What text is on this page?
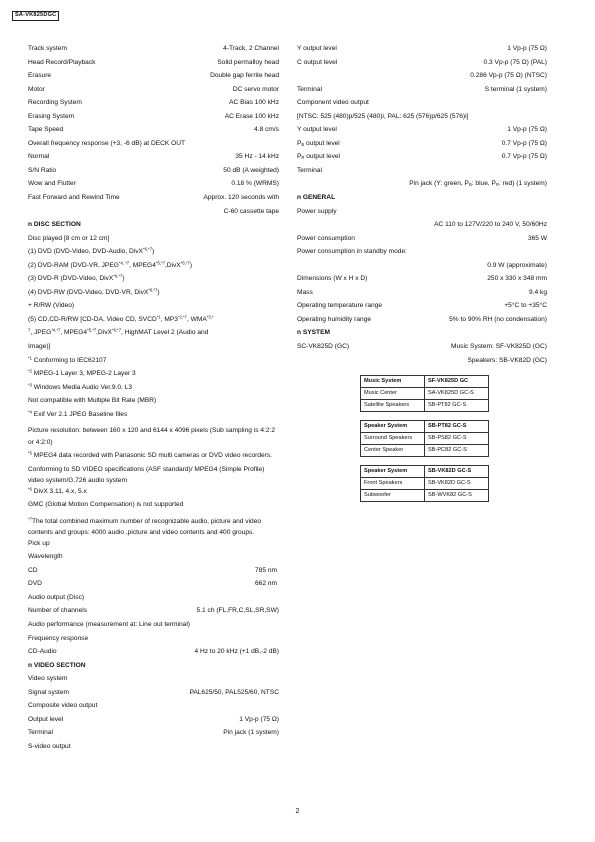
SA-VK825DGC
Track system	4-Track, 2 Channel
Head Record/Playback	Solid permalloy head
Erasure	Double gap ferrite head
Motor	DC servo motor
Recording System	AC Bias 100 kHz
Erasing System	AC Erase 100 kHz
Tape Speed	4.8 cm/s
Overall frequency response (+3, -6 dB) at DECK OUT
Normal	35 Hz - 14 kHz
S/N Ratio	50 dB (A weighted)
Wow and Flutter	0.18 % (WRMS)
Fast Forward and Rewind Time	Approx. 120 seconds with
C-60 cassette tape
n DISC SECTION
Disc played [8 cm or 12 cm]
(1) DVD (DVD-Video, DVD-Audio, DivX$^{*6,*7}$)
(2) DVD-RAM (DVD-VR, $JPEG^{*4, *7}$, $MPEG4^{*5,*7},DivX^{*6,*7}$)
(3) DVD-R (DVD-Video, DivX$^{*6,*7}$)
(4) DVD-RW (DVD-Video, DVD-VR, DivX$^{*6,*7}$)
+ R/RW (Video)
(5) CD,CD-R/RW [CD-DA, Video CD, SVCD$^{*1}$, $MP3^{*2,*7}$, $WMA^{*3,*}$
$^7$, $JPEG^{*4,*7}$, $MPEG4^{*5,*7},DivX^{*6,*7}$, HighMAT Level 2 (Audio and
Image)]
$^{*1}$ Conforming to IEC62107
$^{*2}$ MPEG-1 Layer 3, MPEG-2 Layer 3
$^{*3}$ Windows Media Audio Ver.9.0. L3
Not compatible with Multiple Bit Rate (MBR)
$^{*4}$ Exif Ver 2.1 JPEG Baseline files
Picture resolution: between 160 x 120 and 6144 x 4096 pixels (Sub sampling is 4:2:2 or 4:2:0)
$^{*5}$ MPEG4 data recorded with Panasonic SD multi cameras or DVD video recorders.
Conforming to SD VIDEO specifications (ASF standard)/ MPEG4 (Simple Profile) video system/G.726 audio system
$^{*6}$ DivX 3.11, 4.x, 5.x
GMC (Global Motion Compensation) is not supported
$^{*7}$The total combined maximum number of recognizable audio, picture and video contents and groups: 4000 audio ,picture and video contents and 400 groups.
Pick up
Wavelength
CD	785 nm
DVD	662 nm
Audio output (Disc)
Number of channels	5.1 ch (FL,FR,C,SL,SR,SW)
Audio performance (measurement at: Line out terminal)
Frequency response
CD-Audio	4 Hz to 20 kHz (+1 dB,-2 dB)
n VIDEO SECTION
Video system
Signal system	PAL625/50, PAL525/60, NTSC
Composite video output
Output level	1 Vp-p (75 Ω)
Terminal	Pin jack (1 system)
S-video output
Y output level	1 Vp-p (75 Ω)
C output level	0.3 Vp-p (75 Ω) (PAL)
0.286 Vp-p (75 Ω) (NTSC)
Terminal	S terminal (1 system)
Component video output
[NTSC: 525 (480)p/525 (480)i, PAL: 625 (576)p/625 (576)i]
Y output level	1 Vp-p (75 Ω)
$P_B$ output level	0.7 Vp-p (75 Ω)
$P_R$ output level	0.7 Vp-p (75 Ω)
Terminal
Pin jack (Y: green, $P_B$: blue, $P_R$: red) (1 system)
n GENERAL
Power supply
AC 110 to 127V/220 to 240 V, 50/60Hz
Power consumption	365 W
Power consumption in standby mode:
0.9 W (approximate)
Dimensions (W x H x D)	250 x 330 x 348 mm
Mass	9.4 kg
Operating temperature range	+5°C to +35°C
Operating humidity range	5% to 90% RH (no condensation)
n SYSTEM
SC-VK825D (GC)	Music System: SF-VK825D (GC)
Speakers: SB-VK82D (GC)
Music System	SF-VK825D GC
Music Center	SA-VK825D GC-S
Satellite Speakers	SB-PT82 GC-S
Speaker System	SB-PT82 GC-S
Surround Speakers	SB-PS82 GC-S
Center Speaker	SB-PC82 GC-S
Speaker System	SB-VK82D GC-S
Front Speakers	SB-VK82D GC-S
Subwoofer	SB-WVK82 GC-S
2
